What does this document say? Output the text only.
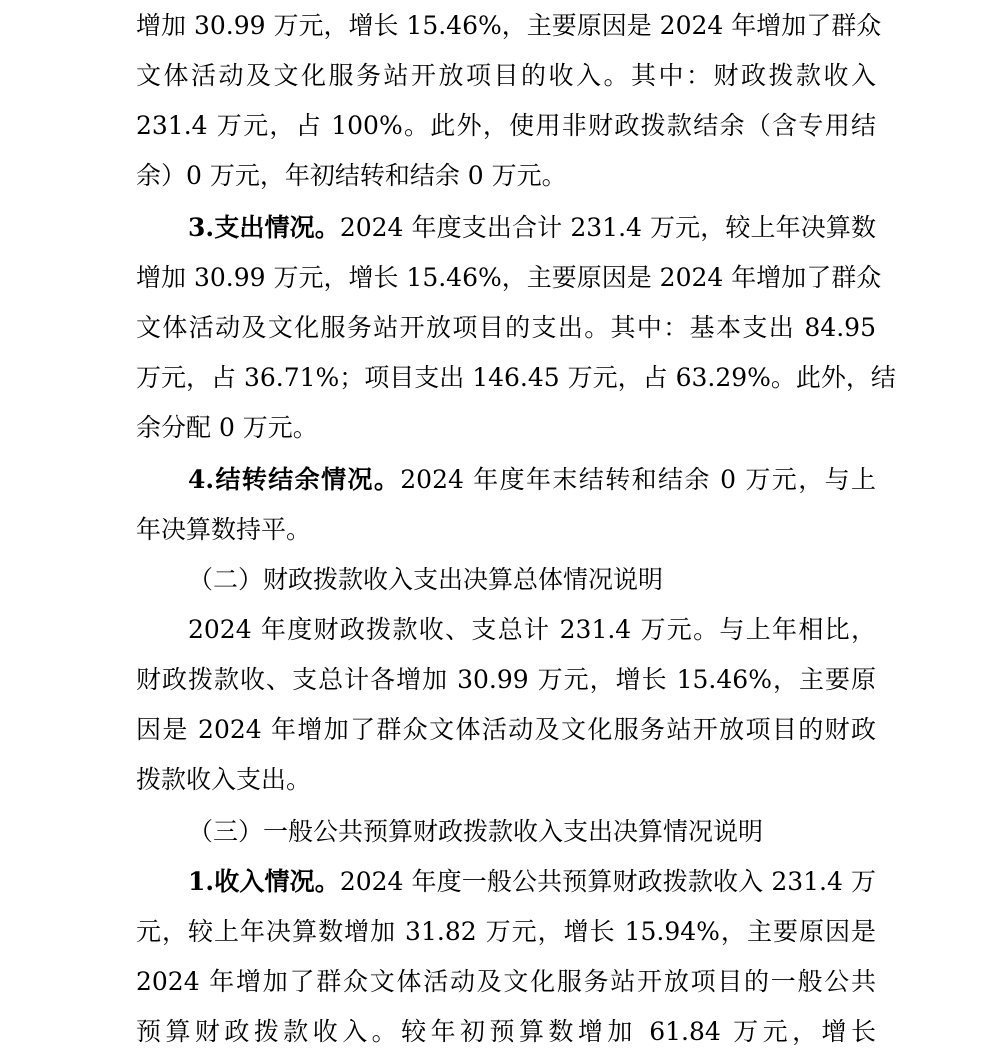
增加 30.99 万元，增长 15.46%，主要原因是 2024 年增加了群众
文体活动及文化服务站开放项目的收入。其中：财政拨款收入
231.4 万元，占 100%。此外，使用非财政拨款结余（含专用结
余）0 万元，年初结转和结余 0 万元。
3.支出情况。2024 年度支出合计 231.4 万元，较上年决算数
增加 30.99 万元，增长 15.46%，主要原因是 2024 年增加了群众
文体活动及文化服务站开放项目的支出。其中：基本支出 84.95
万元，占 36.71%；项目支出 146.45 万元，占 63.29%。此外，结
余分配 0 万元。
4.结转结余情况。2024 年度年末结转和结余 0 万元，与上
年决算数持平。
（二）财政拨款收入支出决算总体情况说明
2024 年度财政拨款收、支总计 231.4 万元。与上年相比，
财政拨款收、支总计各增加 30.99 万元，增长 15.46%，主要原
因是 2024 年增加了群众文体活动及文化服务站开放项目的财政
拨款收入支出。
（三）一般公共预算财政拨款收入支出决算情况说明
1.收入情况。2024 年度一般公共预算财政拨款收入 231.4 万
元，较上年决算数增加 31.82 万元，增长 15.94%，主要原因是
2024 年增加了群众文体活动及文化服务站开放项目的一般公共
预算财政拨款收入。较年初预算数增加 61.84 万元，增长
